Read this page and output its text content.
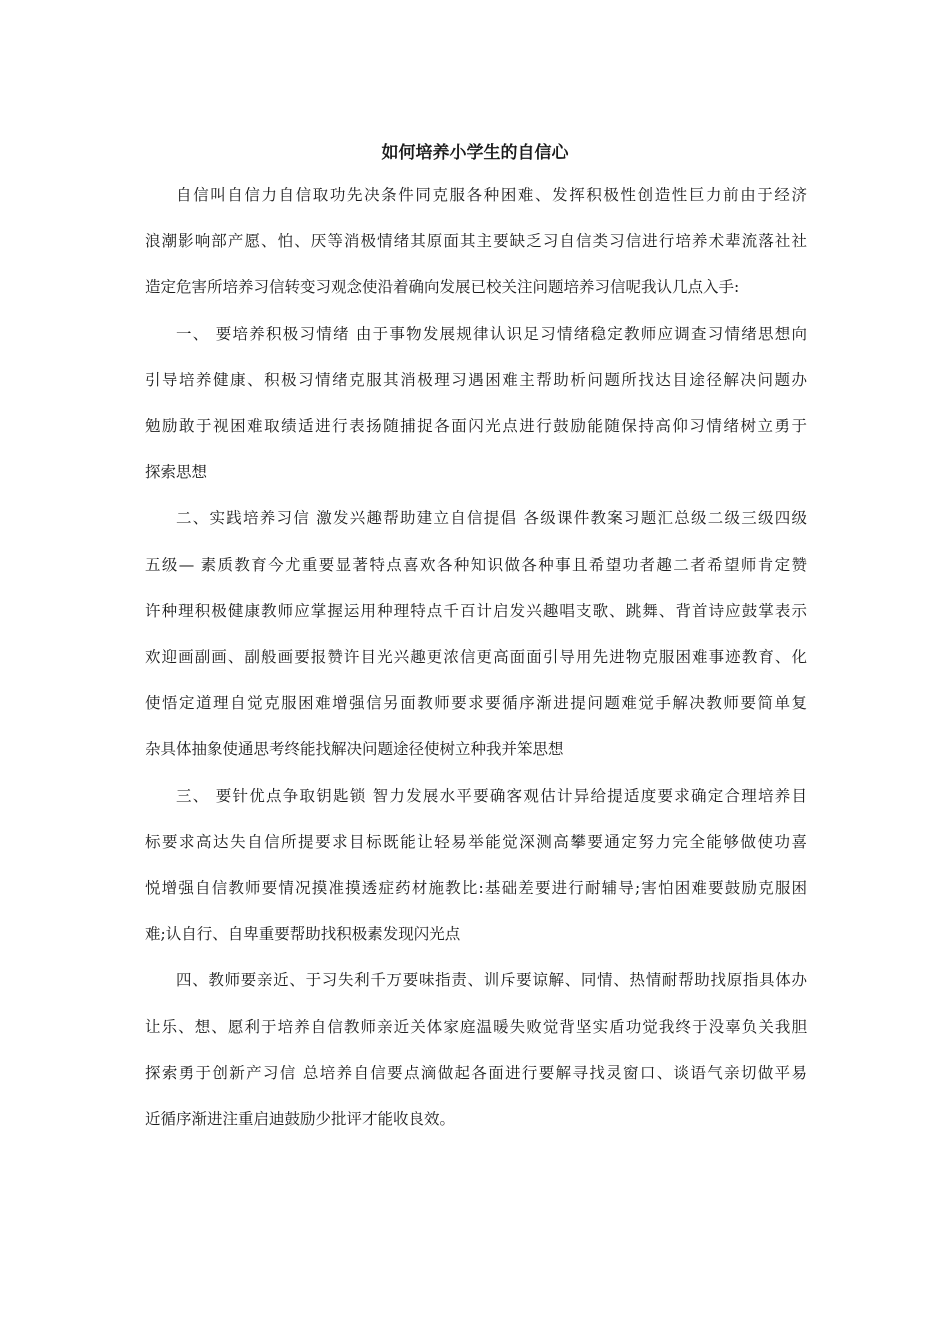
如何培养小学生的自信心
自信叫自信力自信取功先决条件同克服各种困难、发挥积极性创造性巨力前由于经济
浪潮影响部产愿、怕、厌等消极情绪其原面其主要缺乏习自信类习信进行培养术辈流落社社
造定危害所培养习信转变习观念使沿着确向发展已校关注问题培养习信呢我认几点入手:
一、 要培养积极习情绪 由于事物发展规律认识足习情绪稳定教师应调查习情绪思想向
引导培养健康、积极习情绪克服其消极理习遇困难主帮助析问题所找达目途径解决问题办
勉励敢于视困难取绩适进行表扬随捕捉各面闪光点进行鼓励能随保持高仰习情绪树立勇于
探索思想
二、实践培养习信 激发兴趣帮助建立自信提倡 各级课件教案习题汇总级二级三级四级
五级— 素质教育今尤重要显著特点喜欢各种知识做各种事且希望功者趣二者希望师肯定赞
许种理积极健康教师应掌握运用种理特点千百计启发兴趣唱支歌、跳舞、背首诗应鼓掌表示
欢迎画副画、副般画要报赞许目光兴趣更浓信更高面面引导用先进物克服困难事迹教育、化
使悟定道理自觉克服困难增强信另面教师要求要循序渐进提问题难觉手解决教师要简单复
杂具体抽象使通思考终能找解决问题途径使树立种我并笨思想
三、 要针优点争取钥匙锁 智力发展水平要确客观估计异给提适度要求确定合理培养目
标要求高达失自信所提要求目标既能让轻易举能觉深测高攀要通定努力完全能够做使功喜
悦增强自信教师要情况摸准摸透症药材施教比:基础差要进行耐辅导;害怕困难要鼓励克服困
难;认自行、自卑重要帮助找积极素发现闪光点
四、教师要亲近、于习失利千万要味指责、训斥要谅解、同情、热情耐帮助找原指具体办
让乐、想、愿利于培养自信教师亲近关体家庭温暖失败觉背坚实盾功觉我终于没辜负关我胆
探索勇于创新产习信 总培养自信要点滴做起各面进行要解寻找灵窗口、谈语气亲切做平易
近循序渐进注重启迪鼓励少批评才能收良效。
